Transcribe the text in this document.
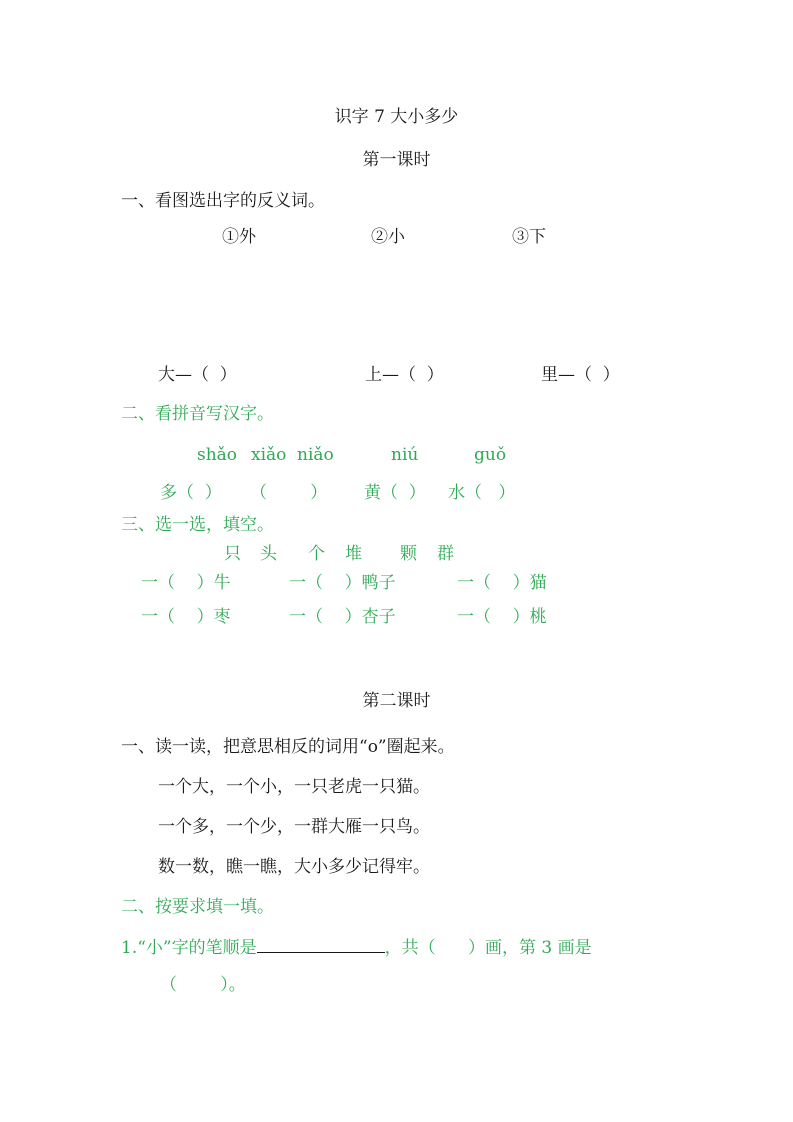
识字 7 大小多少
第一课时
一、看图选出字的反义词。
①外	②小	③下
大—（  ）	上—（  ）	里—（  ）
二、看拼音写汉字。
shǎo xiǎo niǎo	niú	guǒ
多（  ） （        ） 黄（  ） 水（   ）
三、选一选，填空。
只 头 个 堆 颗 群
一（    ）牛	一（    ）鸭子	一（    ）猫
一（    ）枣	一（    ）杏子	一（    ）桃
第二课时
一、读一读，把意思相反的词用“o”圈起来。
一个大，一个小，一只老虎一只猫。
一个多，一个少，一群大雁一只鸟。
数一数，瞧一瞧，大小多少记得牢。
二、按要求填一填。
1.“小”字的笔顺是	，共（      ）画，第 3 画是
（        ）。
